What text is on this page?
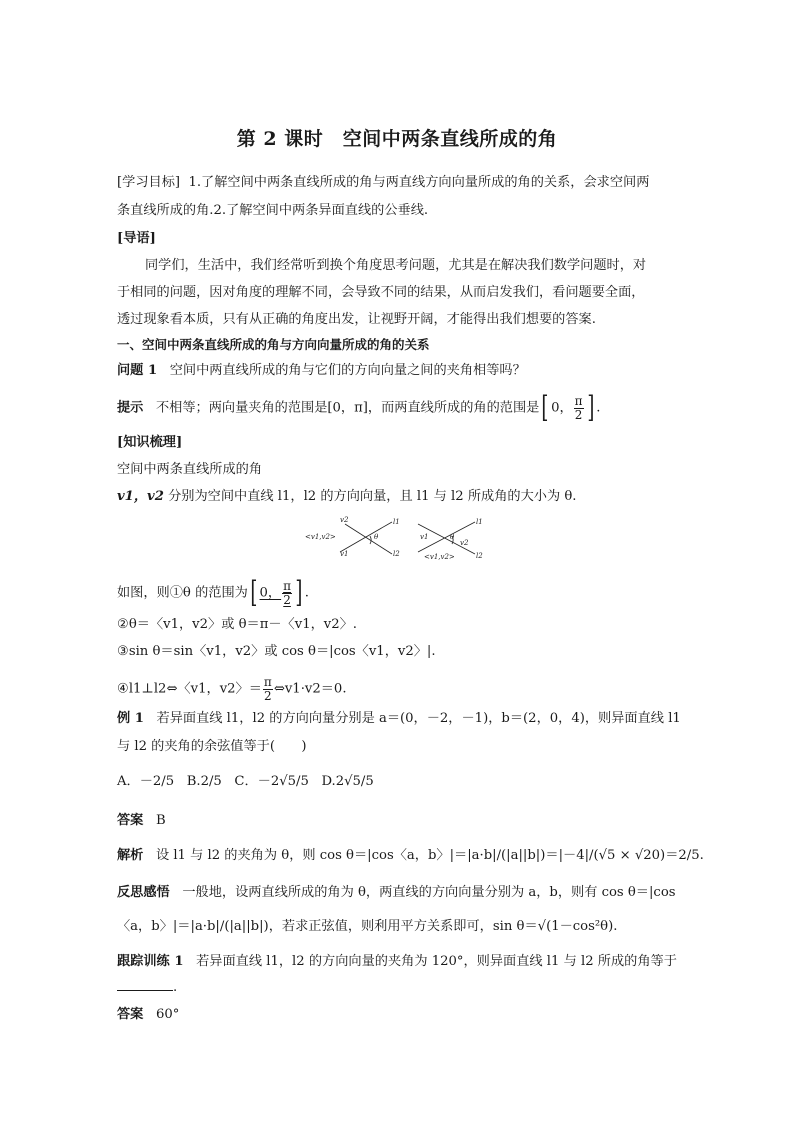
第 2 课时　空间中两条直线所成的角
[学习目标] 1.了解空间中两条直线所成的角与两直线方向向量所成的角的关系，会求空间两
条直线所成的角.2.了解空间中两条异面直线的公垂线.
[导语]
同学们，生活中，我们经常听到换个角度思考问题，尤其是在解决我们数学问题时，对
于相同的问题，因对角度的理解不同，会导致不同的结果，从而启发我们，看问题要全面，
透过现象看本质，只有从正确的角度出发，让视野开阔，才能得出我们想要的答案.
一、空间中两条直线所成的角与方向向量所成的角的关系
问题 1 空间中两直线所成的角与它们的方向向量之间的夹角相等吗？
提示 不相等；两向量夹角的范围是[0，π]，而两直线所成的角的范围是[ 0， $\frac{\pi}{2}$ ] .
[知识梳理]
空间中两条直线所成的角
v1，v2 分别为空间中直线 l1，l2 的方向向量，且 l1 与 l2 所成角的大小为 θ.
v2
v1
<v1,v2>	θ
l1
l2
v1
v2
θ
<v1,v2>
l1
l2
如图，则①θ 的范围为[ 0， $\frac{\pi}{2}$ ] .
②θ＝〈v1，v2〉或 θ＝π－〈v1，v2〉.
③sin θ＝sin〈v1，v2〉或 cos θ＝|cos〈v1，v2〉|.
④l1⊥l2⇔〈v1，v2〉＝ $\frac{\pi}{2}$ ⇔v1·v2＝0.
例 1 若异面直线 l1，l2 的方向向量分别是 a＝(0，－2，－1)，b＝(2，0，4)，则异面直线 l1
与 l2 的夹角的余弦值等于(　　)
A．－2/5 B.2/5 C．－2√5/5 D.2√5/5
答案 B
解析 设 l1 与 l2 的夹角为 θ，则 cos θ＝|cos〈a，b〉|＝|a·b|/(|a||b|)＝|－4|/(√5 × √20)＝2/5.
反思感悟 一般地，设两直线所成的角为 θ，两直线的方向向量分别为 a，b，则有 cos θ＝|cos
〈a，b〉|＝|a·b|/(|a||b|)，若求正弦值，则利用平方关系即可，sin θ＝√(1－cos²θ).
跟踪训练 1 若异面直线 l1，l2 的方向向量的夹角为 120°，则异面直线 l1 与 l2 所成的角等于
.
答案 60°
